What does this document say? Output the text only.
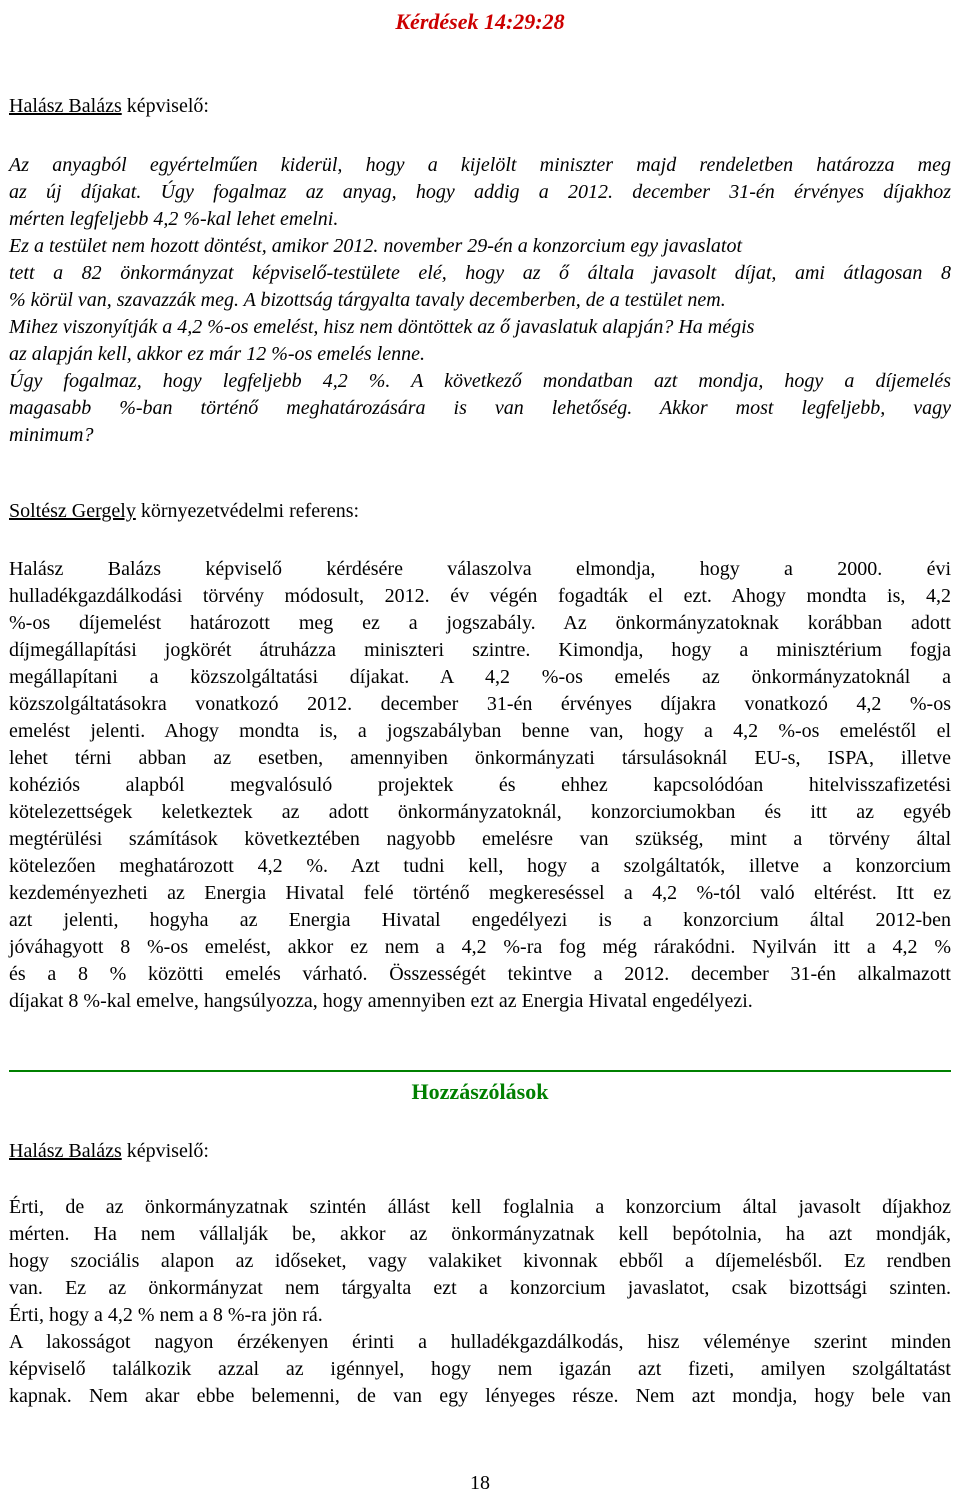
Kérdések 14:29:28
Halász Balázs képviselő:
Az anyagból egyértelműen kiderül, hogy a kijelölt miniszter majd rendeletben határozza meg
az új díjakat. Úgy fogalmaz az anyag, hogy addig a 2012. december 31-én érvényes díjakhoz
mérten legfeljebb 4,2 %-kal lehet emelni.
Ez a testület nem hozott döntést, amikor 2012. november 29-én a konzorcium egy javaslatot
tett a 82 önkormányzat képviselő-testülete elé, hogy az ő általa javasolt díjat, ami átlagosan 8
% körül van, szavazzák meg. A bizottság tárgyalta tavaly decemberben, de a testület nem.
Mihez viszonyítják a 4,2 %-os emelést, hisz nem döntöttek az ő javaslatuk alapján? Ha mégis
az alapján kell, akkor ez már 12 %-os emelés lenne.
Úgy fogalmaz, hogy legfeljebb 4,2 %. A következő mondatban azt mondja, hogy a díjemelés
magasabb %-ban történő meghatározására is van lehetőség. Akkor most legfeljebb, vagy
minimum?
Soltész Gergely környezetvédelmi referens:
Halász Balázs képviselő kérdésére válaszolva elmondja, hogy a 2000. évi
hulladékgazdálkodási törvény módosult, 2012. év végén fogadták el ezt. Ahogy mondta is, 4,2
%-os díjemelést határozott meg ez a jogszabály. Az önkormányzatoknak korábban adott
díjmegállapítási jogkörét átruházza miniszteri szintre. Kimondja, hogy a minisztérium fogja
megállapítani a közszolgáltatási díjakat. A 4,2 %-os emelés az önkormányzatoknál a
közszolgáltatásokra vonatkozó 2012. december 31-én érvényes díjakra vonatkozó 4,2 %-os
emelést jelenti. Ahogy mondta is, a jogszabályban benne van, hogy a 4,2 %-os emeléstől el
lehet térni abban az esetben, amennyiben önkormányzati társulásoknál EU-s, ISPA, illetve
kohéziós alapból megvalósuló projektek és ehhez kapcsolódóan hitelvisszafizetési
kötelezettségek keletkeztek az adott önkormányzatoknál, konzorciumokban és itt az egyéb
megtérülési számítások következtében nagyobb emelésre van szükség, mint a törvény által
kötelezően meghatározott 4,2 %. Azt tudni kell, hogy a szolgáltatók, illetve a konzorcium
kezdeményezheti az Energia Hivatal felé történő megkereséssel a 4,2 %-tól való eltérést. Itt ez
azt jelenti, hogyha az Energia Hivatal engedélyezi is a konzorcium által 2012-ben
jóváhagyott 8 %-os emelést, akkor ez nem a 4,2 %-ra fog még rárakódni. Nyilván itt a 4,2 %
és a 8 % közötti emelés várható. Összességét tekintve a 2012. december 31-én alkalmazott
díjakat 8 %-kal emelve, hangsúlyozza, hogy amennyiben ezt az Energia Hivatal engedélyezi.
Hozzászólások
Halász Balázs képviselő:
Érti, de az önkormányzatnak szintén állást kell foglalnia a konzorcium által javasolt díjakhoz
mérten. Ha nem vállalják be, akkor az önkormányzatnak kell bepótolnia, ha azt mondják,
hogy szociális alapon az időseket, vagy valakiket kivonnak ebből a díjemelésből. Ez rendben
van. Ez az önkormányzat nem tárgyalta ezt a konzorcium javaslatot, csak bizottsági szinten.
Érti, hogy a 4,2 % nem a 8 %-ra jön rá.
A lakosságot nagyon érzékenyen érinti a hulladékgazdálkodás, hisz véleménye szerint minden
képviselő találkozik azzal az igénnyel, hogy nem igazán azt fizeti, amilyen szolgáltatást
kapnak. Nem akar ebbe belemenni, de van egy lényeges része. Nem azt mondja, hogy bele van
18
